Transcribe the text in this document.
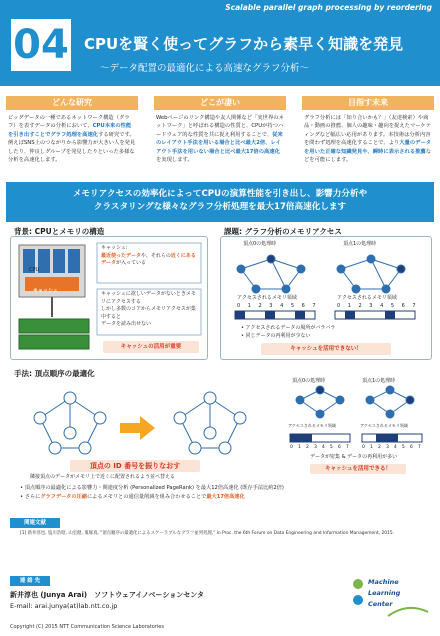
Scalable parallel graph processing by reordering
04	CPUを賢く使ってグラフから素早く知識を発見
〜データ配置の最適化による高速なグラフ分析〜
どんな研究
ビッグデータの一種であるネットワーク構造（グラフ）を表すデータの分析において、CPU本来の性能を引き出すことでグラフ処理を高速化する研究です。例えばSNS上のつながりから影響力が大きい人を発見したり、仲良しグループを発見したりといった多様な分析を高速化します。
どこが凄い
Webページのリンク構造や友人関係など「実世界のネットワーク」と呼ばれる構造の性質と、CPUが持つハードウェア的な性質を共に捉え利用することで、従来のレイアウト手法を用いる場合と比べ最大2倍、レイアウト手法を用いない場合と比べ最大17倍の高速化を実現します。
目指す未来
グラフ分析には「知り合いかも？」（友達検索）や商品・動画の推薦、個人の趣味・趣向を捉えたマーケティングなど幅広い応用があります。本技術は分析内容を問わず処理を高速化することで、より大量のデータを用いた正確な知識発見や、瞬時に表示される推薦などを可能にします。
メモリアクセスの効率化によってCPUの演算性能を引き出し、影響力分析や
クラスタリングな様々なグラフ分析処理を最大17倍高速化します
背景: CPUとメモリの構造
CPU
キャッシュ
キャッシュ:
最近使ったデータや、それらの近くにあるデータが入っている
キャッシュに欲しいデータがないときメモリにアクセスする
しかし多数のコアからメモリアクセスが集中すると
データを読み出せない
キャッシュの活用が重要
課題: グラフ分析のメモリアクセス
頂点0の処理時	頂点1の処理時
アクセスされるメモリ領域	アクセスされるメモリ領域
0 1 2 3 4 5 6 7	0 1 2 3 4 5 6 7
• アクセスされるデータの場所がバラバラ
• 同じデータの再利用が少ない
キャッシュを活用できない！
手法: 頂点順序の最適化
頂点0の処理時	頂点1の処理時
アクセスされるメモリ領域	アクセスされるメモリ領域
0 1 2 3 4 5 6 7 0 1 2 3 4 5 6 7
頂点の ID 番号を振りなおす
隣接頂点のデータがメモリ上で近くに配置されるよう並べ替える
データが密集 & データの再利用が多い
キャッシュを活用できる！
• 頂点順序の最適化による影響力・関連度分析 (Personalized PageRank) を最大12倍高速化 (既存手法比約2倍)
• さらにグラフデータの圧縮によるメモリとの通信量削減を組み合わせることで最大17倍高速化
関連文献
[1] 新井淳也, 塩川浩昭, 山室健, 鬼塚真, "頂点順序の最適化によるスケーラブルなグラフ並列処理," in Proc. the 6th Forum on Data Engineering and Information Management, 2015.
連 絡 先
新井淳也 (Junya Arai)　ソフトウェアイノベーションセンタ
E-mail: arai.junya(at)lab.ntt.co.jp
Copyright (C) 2015 NTT Communication Science Laboratories
Machine
Learning
Center
